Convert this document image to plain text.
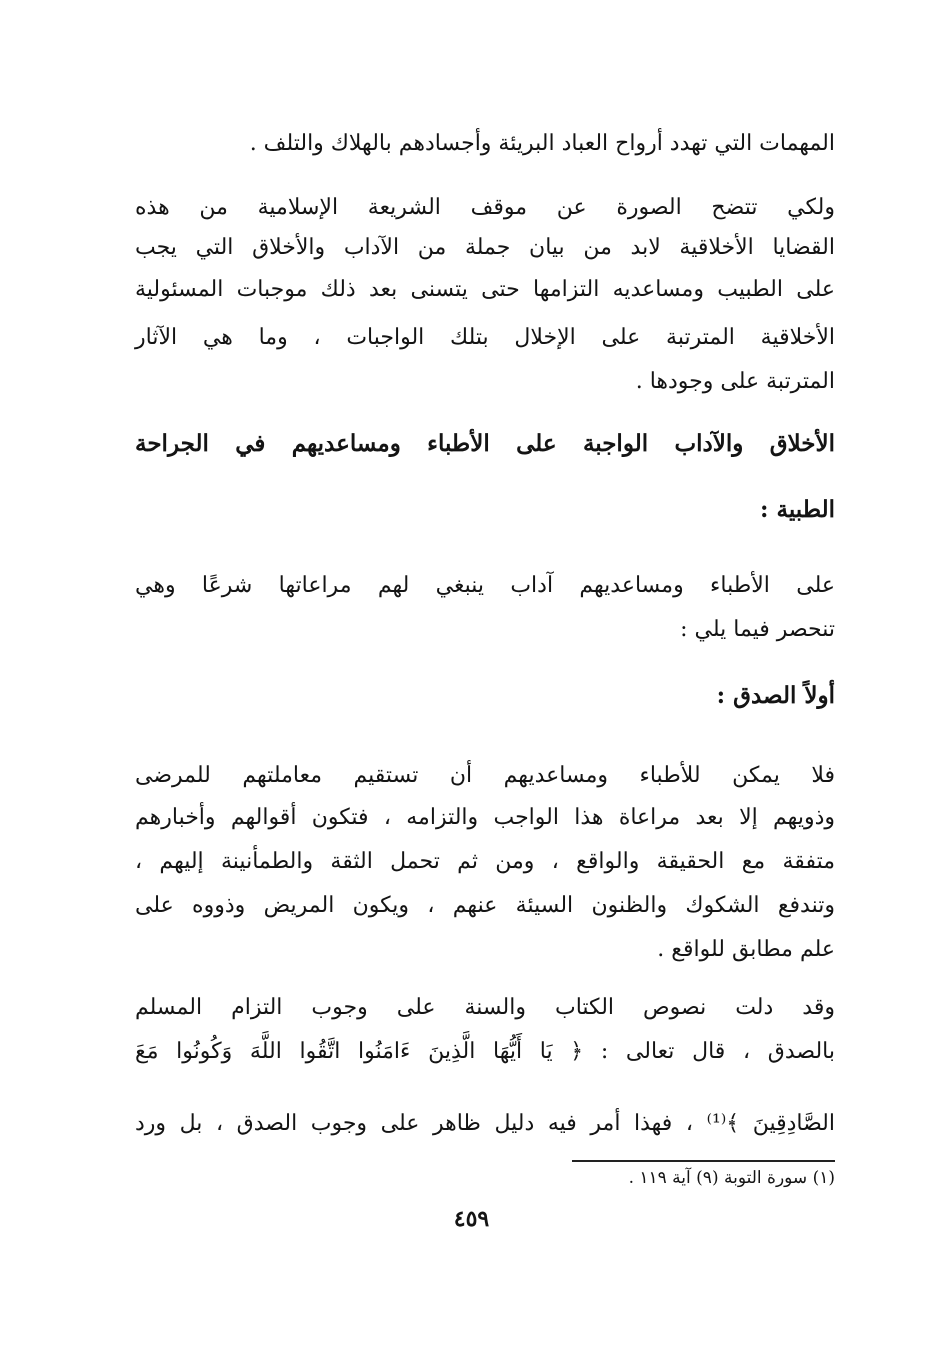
المهمات التي تهدد أرواح العباد البريئة وأجسادهم بالهلاك والتلف .

ولكي تتضح الصورة عن موقف الشريعة الإسلامية من هذه

القضايا الأخلاقية لابد من بيان جملة من الآداب والأخلاق التي يجب

على الطبيب ومساعديه التزامها حتى يتسنى بعد ذلك موجبات المسئولية

الأخلاقية المترتبة على الإخلال بتلك الواجبات ، وما هي الآثار

المترتبة على وجودها .

الأخلاق والآداب الواجبة على الأطباء ومساعديهم في الجراحة

الطبية :

على الأطباء ومساعديهم آداب ينبغي لهم مراعاتها شرعًا وهي

تنحصر فيما يلي :

أولاً الصدق :

فلا يمكن للأطباء ومساعديهم أن تستقيم معاملتهم للمرضى

وذويهم إلا بعد مراعاة هذا الواجب والتزامه ، فتكون أقوالهم وأخبارهم

متفقة مع الحقيقة والواقع ، ومن ثم تحمل الثقة والطمأنينة إليهم ،

وتندفع الشكوك والظنون السيئة عنهم ، ويكون المريض وذووه على

علم مطابق للواقع .

وقد دلت نصوص الكتاب والسنة على وجوب التزام المسلم

بالصدق ، قال تعالى : ﴿ يَا أَيُّهَا الَّذِينَ ءَامَنُوا اتَّقُوا اللَّهَ وَكُونُوا مَعَ

الصَّادِقِينَ ﴾⁽¹⁾ ، فهذا أمر فيه دليل ظاهر على وجوب الصدق ، بل ورد

(١) سورة التوبة (٩) آية ١١٩ .

٤٥٩
